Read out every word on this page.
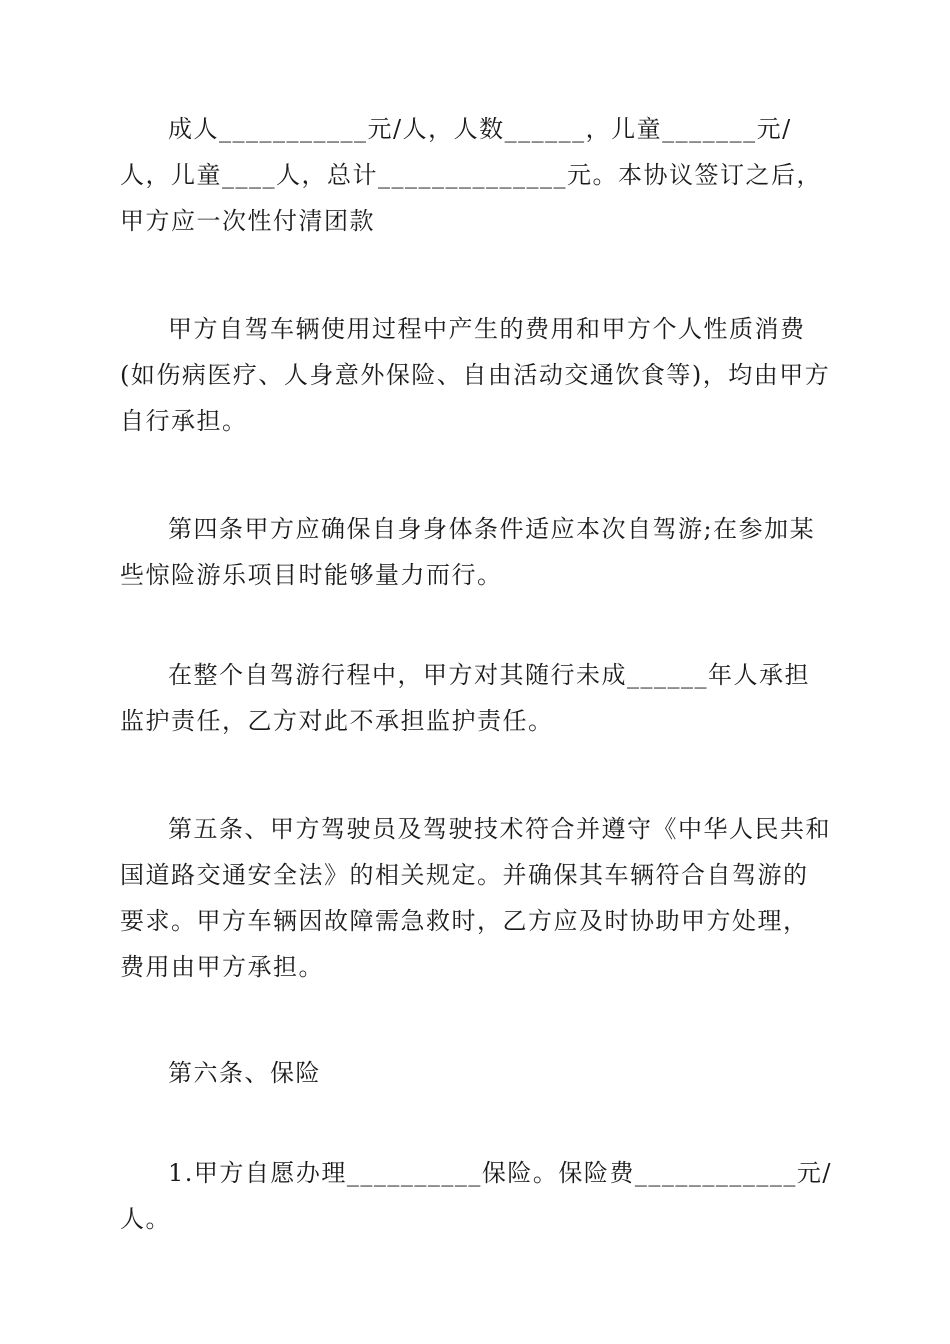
成人___________元/人，人数______，儿童_______元/人，儿童____人，总计______________元。本协议签订之后，甲方应一次性付清团款

甲方自驾车辆使用过程中产生的费用和甲方个人性质消费(如伤病医疗、人身意外保险、自由活动交通饮食等)，均由甲方自行承担。

第四条甲方应确保自身身体条件适应本次自驾游;在参加某些惊险游乐项目时能够量力而行。

在整个自驾游行程中，甲方对其随行未成______年人承担监护责任，乙方对此不承担监护责任。

第五条、甲方驾驶员及驾驶技术符合并遵守《中华人民共和国道路交通安全法》的相关规定。并确保其车辆符合自驾游的要求。甲方车辆因故障需急救时，乙方应及时协助甲方处理，费用由甲方承担。

第六条、保险

1.甲方自愿办理__________保险。保险费____________元/人。
